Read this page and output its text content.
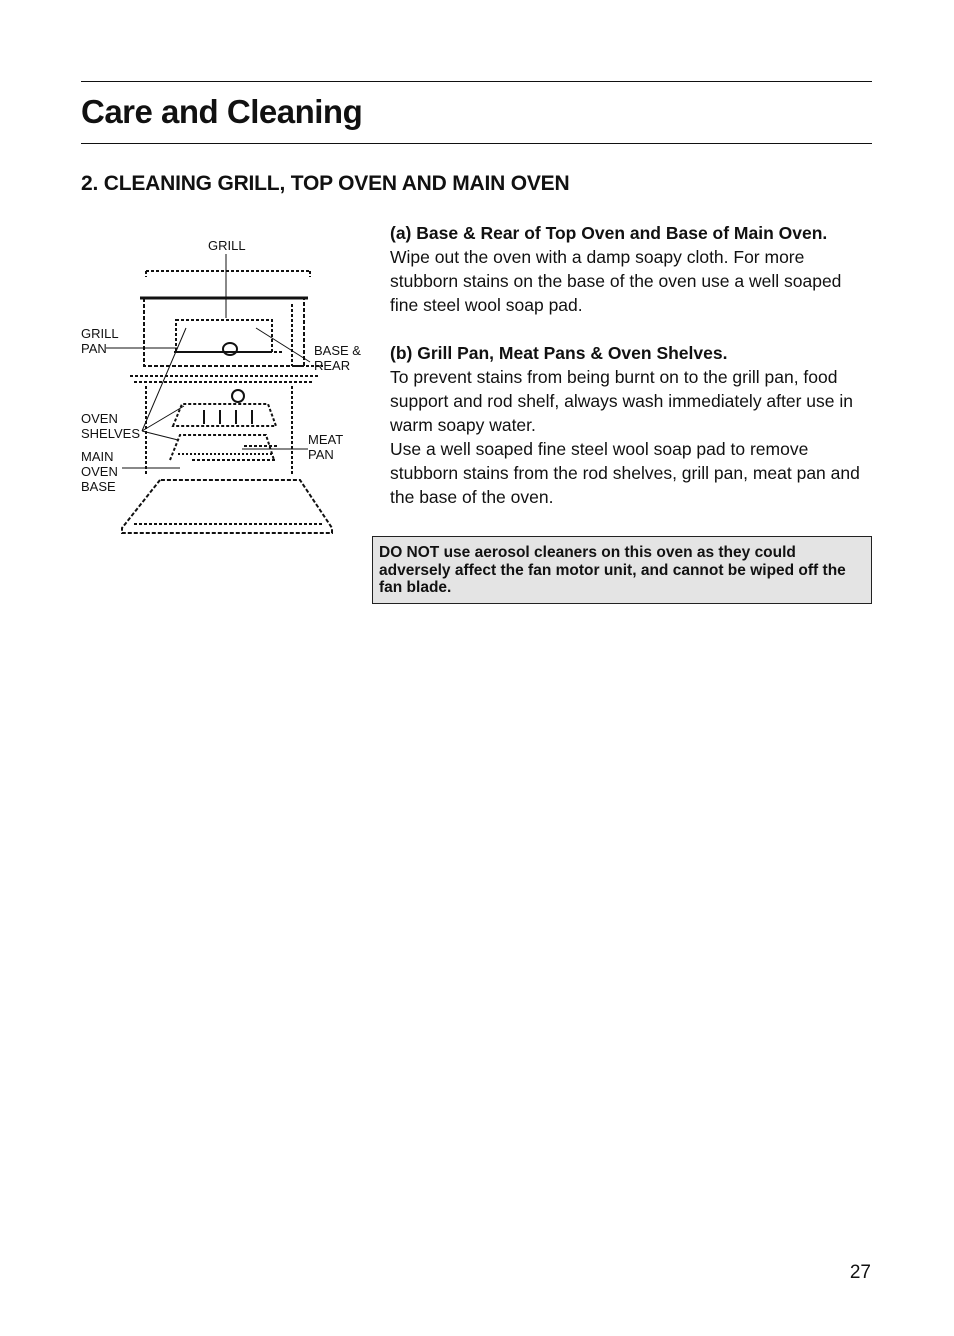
Care and Cleaning
2. CLEANING GRILL, TOP OVEN AND MAIN OVEN
GRILL
GRILL
PAN	BASE &
REAR
OVEN
SHELVES	MEAT
PAN
MAIN
OVEN
BASE

(a) Base & Rear of Top Oven and Base of Main Oven.

Wipe out the oven with a damp soapy cloth. For more stubborn stains on the base of the oven use a well soaped fine steel wool soap pad.

(b) Grill Pan, Meat Pans & Oven Shelves.

To prevent stains from being burnt on to the grill pan, food support and rod shelf, always wash immediately after use in warm soapy water.

Use a well soaped fine steel wool soap pad to remove stubborn stains from the rod shelves, grill pan, meat pan and the base of the oven.

DO NOT use aerosol cleaners on this oven as they could adversely affect the fan motor unit, and cannot be wiped off the fan blade.
27
